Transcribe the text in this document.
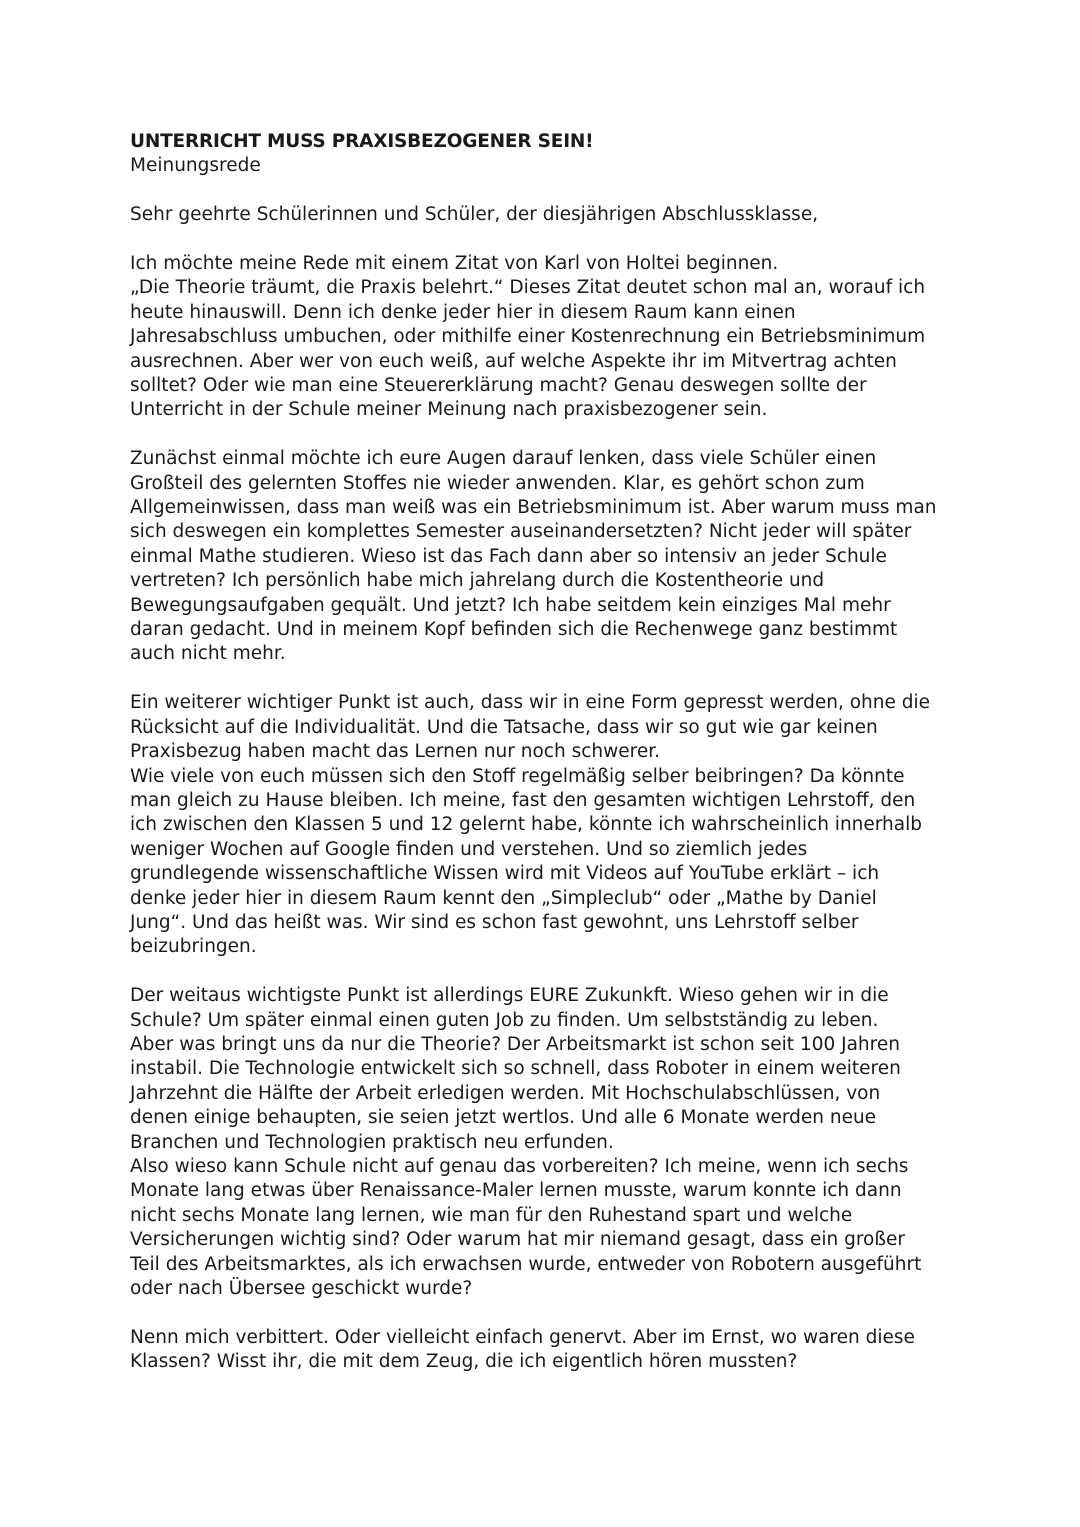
UNTERRICHT MUSS PRAXISBEZOGENER SEIN!
Meinungsrede
Sehr geehrte Schülerinnen und Schüler, der diesjährigen Abschlussklasse,
Ich möchte meine Rede mit einem Zitat von Karl von Holtei beginnen.
„Die Theorie träumt, die Praxis belehrt.“ Dieses Zitat deutet schon mal an, worauf ich
heute hinauswill. Denn ich denke jeder hier in diesem Raum kann einen
Jahresabschluss umbuchen, oder mithilfe einer Kostenrechnung ein Betriebsminimum
ausrechnen. Aber wer von euch weiß, auf welche Aspekte ihr im Mitvertrag achten
solltet? Oder wie man eine Steuererklärung macht? Genau deswegen sollte der
Unterricht in der Schule meiner Meinung nach praxisbezogener sein.
Zunächst einmal möchte ich eure Augen darauf lenken, dass viele Schüler einen
Großteil des gelernten Stoffes nie wieder anwenden. Klar, es gehört schon zum
Allgemeinwissen, dass man weiß was ein Betriebsminimum ist. Aber warum muss man
sich deswegen ein komplettes Semester auseinandersetzten? Nicht jeder will später
einmal Mathe studieren. Wieso ist das Fach dann aber so intensiv an jeder Schule
vertreten? Ich persönlich habe mich jahrelang durch die Kostentheorie und
Bewegungsaufgaben gequält. Und jetzt? Ich habe seitdem kein einziges Mal mehr
daran gedacht. Und in meinem Kopf befinden sich die Rechenwege ganz bestimmt
auch nicht mehr.
Ein weiterer wichtiger Punkt ist auch, dass wir in eine Form gepresst werden, ohne die
Rücksicht auf die Individualität. Und die Tatsache, dass wir so gut wie gar keinen
Praxisbezug haben macht das Lernen nur noch schwerer.
Wie viele von euch müssen sich den Stoff regelmäßig selber beibringen? Da könnte
man gleich zu Hause bleiben. Ich meine, fast den gesamten wichtigen Lehrstoff, den
ich zwischen den Klassen 5 und 12 gelernt habe, könnte ich wahrscheinlich innerhalb
weniger Wochen auf Google finden und verstehen. Und so ziemlich jedes
grundlegende wissenschaftliche Wissen wird mit Videos auf YouTube erklärt – ich
denke jeder hier in diesem Raum kennt den „Simpleclub“ oder „Mathe by Daniel
Jung“. Und das heißt was. Wir sind es schon fast gewohnt, uns Lehrstoff selber
beizubringen.
Der weitaus wichtigste Punkt ist allerdings EURE Zukunkft. Wieso gehen wir in die
Schule? Um später einmal einen guten Job zu finden. Um selbstständig zu leben.
Aber was bringt uns da nur die Theorie? Der Arbeitsmarkt ist schon seit 100 Jahren
instabil. Die Technologie entwickelt sich so schnell, dass Roboter in einem weiteren
Jahrzehnt die Hälfte der Arbeit erledigen werden. Mit Hochschulabschlüssen, von
denen einige behaupten, sie seien jetzt wertlos. Und alle 6 Monate werden neue
Branchen und Technologien praktisch neu erfunden.
Also wieso kann Schule nicht auf genau das vorbereiten? Ich meine, wenn ich sechs
Monate lang etwas über Renaissance-Maler lernen musste, warum konnte ich dann
nicht sechs Monate lang lernen, wie man für den Ruhestand spart und welche
Versicherungen wichtig sind? Oder warum hat mir niemand gesagt, dass ein großer
Teil des Arbeitsmarktes, als ich erwachsen wurde, entweder von Robotern ausgeführt
oder nach Übersee geschickt wurde?
Nenn mich verbittert. Oder vielleicht einfach genervt. Aber im Ernst, wo waren diese
Klassen? Wisst ihr, die mit dem Zeug, die ich eigentlich hören mussten?
